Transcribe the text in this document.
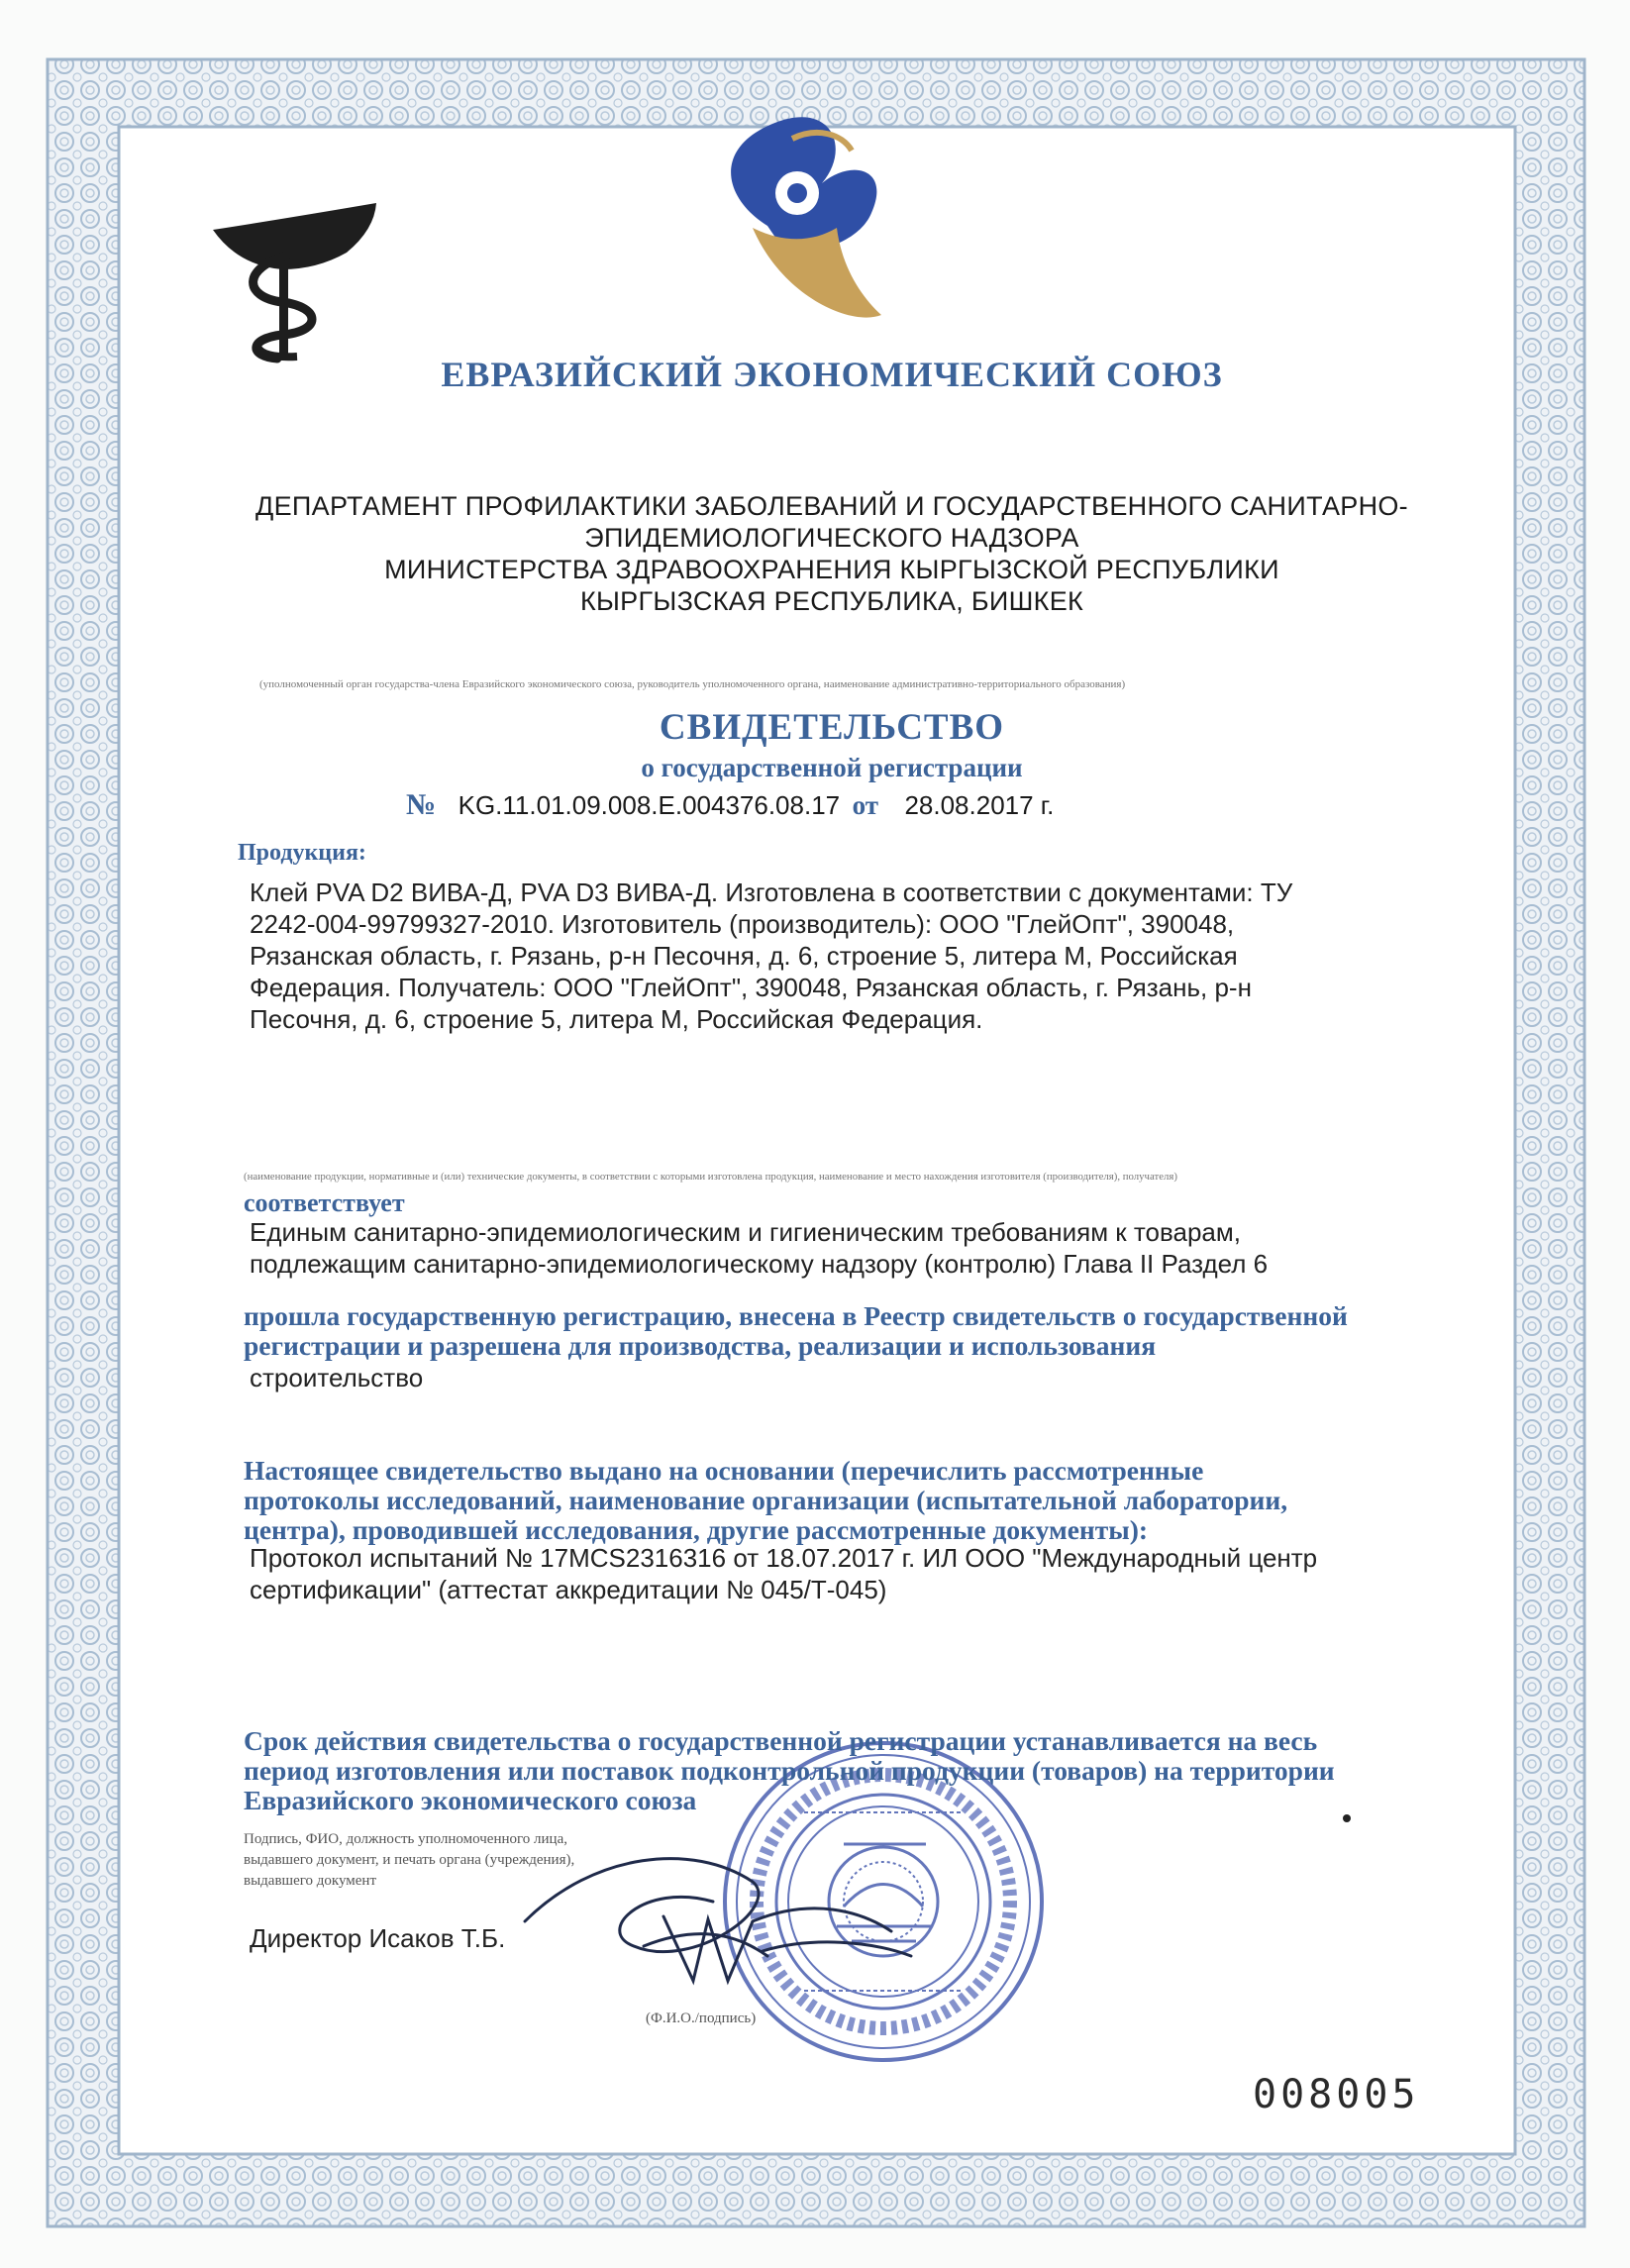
ЕВРАЗИЙСКИЙ ЭКОНОМИЧЕСКИЙ СОЮЗ
ДЕПАРТАМЕНТ ПРОФИЛАКТИКИ ЗАБОЛЕВАНИЙ И ГОСУДАРСТВЕННОГО САНИТАРНО-
ЭПИДЕМИОЛОГИЧЕСКОГО НАДЗОРА
МИНИСТЕРСТВА ЗДРАВООХРАНЕНИЯ КЫРГЫЗСКОЙ РЕСПУБЛИКИ
КЫРГЫЗСКАЯ РЕСПУБЛИКА, БИШКЕК
(уполномоченный орган государства-члена Евразийского экономического союза, руководитель уполномоченного органа, наименование административно-территориального образования)
СВИДЕТЕЛЬСТВО
о государственной регистрации
№ KG.11.01.09.008.E.004376.08.17 от 28.08.2017 г.
Продукция:
Клей PVA D2 ВИВА-Д, PVA D3 ВИВА-Д. Изготовлена в соответствии с документами: ТУ
2242-004-99799327-2010. Изготовитель (производитель): ООО "ГлейОпт", 390048,
Рязанская область, г. Рязань, р-н Песочня, д. 6, строение 5, литера М, Российская
Федерация. Получатель: ООО "ГлейОпт", 390048, Рязанская область, г. Рязань, р-н
Песочня, д. 6, строение 5, литера М, Российская Федерация.
(наименование продукции, нормативные и (или) технические документы, в соответствии с которыми изготовлена продукция, наименование и место нахождения изготовителя (производителя), получателя)
соответствует
Единым санитарно-эпидемиологическим и гигиеническим требованиям к товарам,
подлежащим санитарно-эпидемиологическому надзору (контролю) Глава II Раздел 6
прошла государственную регистрацию, внесена в Реестр свидетельств о государственной
регистрации и разрешена для производства, реализации и использования
строительство
Настоящее свидетельство выдано на основании (перечислить рассмотренные
протоколы исследований, наименование организации (испытательной лаборатории,
центра), проводившей исследования, другие рассмотренные документы):
Протокол испытаний № 17MCS2316316 от 18.07.2017 г. ИЛ ООО "Международный центр
сертификации" (аттестат аккредитации № 045/Т-045)
Срок действия свидетельства о государственной регистрации устанавливается на весь
период изготовления или поставок подконтрольной продукции (товаров) на территории
Евразийского экономического союза
Подпись, ФИО, должность уполномоченного лица,
выдавшего документ, и печать органа (учреждения),
выдавшего документ
Директор Исаков Т.Б.
(Ф.И.О./подпись)
008005
